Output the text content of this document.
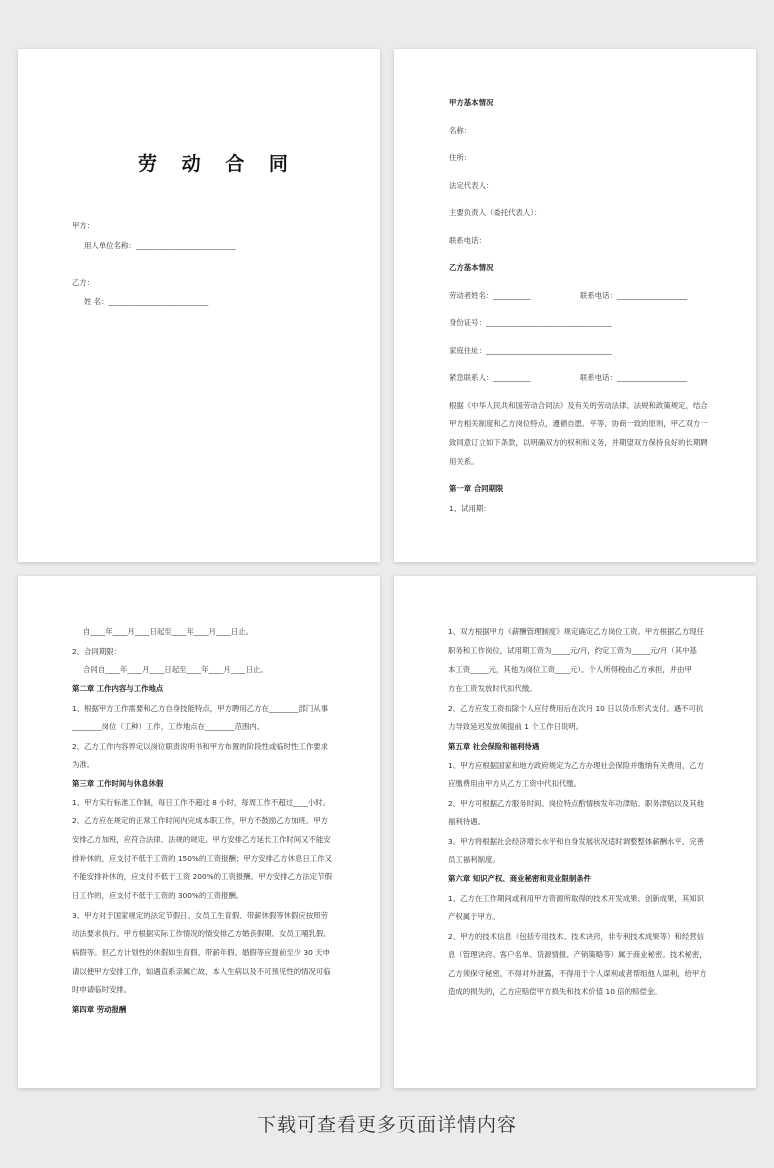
劳 动 合 同
甲方：
用人单位名称：___________________________
乙方：
姓 名：___________________________
甲方基本情况
名称：
住所：
法定代表人：
主要负责人（委托代表人）：
联系电话：
乙方基本情况
劳动者姓名：__________	联系电话：___________________
身份证号：__________________________________
家庭住址：__________________________________
紧急联系人：__________	联系电话：___________________
根据《中华人民共和国劳动合同法》及有关的劳动法律、法规和政策规定，结合
甲方相关制度和乙方岗位特点，遵循自愿、平等、协商一致的原则，甲乙双方一
致同意订立如下条款，以明确双方的权利和义务，并期望双方保持良好的长期聘
用关系。
第一章 合同期限
1、试用期：
自____年____月____日起至____年____月____日止。
2、合同期限：
合同自____年____月____日起至____年____月____日止。
第二章 工作内容与工作地点
1、根据甲方工作需要和乙方自身技能特点，甲方聘用乙方在________部门从事
________岗位（工种）工作，工作地点在________范围内。
2、乙方工作内容界定以岗位职责说明书和甲方布置的阶段性或临时性工作要求
为准。
第三章 工作时间与休息休假
1、甲方实行标准工作制，每日工作不超过 8 小时，每周工作不超过____小时。
2、乙方应在规定的正常工作时间内完成本职工作，甲方不鼓励乙方加班。甲方
安排乙方加班，应符合法律、法规的规定。甲方安排乙方延长工作时间又不能安
排补休的，应支付不低于工资的 150%的工资报酬；甲方安排乙方休息日工作又
不能安排补休的，应支付不低于工资 200%的工资报酬。甲方安排乙方法定节假
日工作的，应支付不低于工资的 300%的工资报酬。
3、甲方对于国家规定的法定节假日、女员工生育假、带薪休假等休假应按照劳
动法要求执行。甲方根据实际工作情况的情安排乙方婚丧假期、女员工哺乳假、
病假等。但乙方计划性的休假如生育假、带薪年假、婚假等应提前至少 30 天申
请以便甲方安排工作，如遇直系亲属亡故、本人生病以及不可预见性的情况可临
时申请临时安排。
第四章 劳动报酬
1、双方根据甲方《薪酬管理制度》规定确定乙方岗位工资。甲方根据乙方现任
职务和工作岗位，试用期工资为_____元/月，约定工资为_____元/月（其中基
本工资_____元，其他为岗位工资____元）。个人所得税由乙方承担，并由甲
方在工资发放时代扣代缴。
2、乙方应发工资扣除个人应付费用后在次月 10 日以货币形式支付。遇不可抗
力导致延迟发放须提前 1 个工作日说明。
第五章 社会保险和福利待遇
1、甲方应根据国家和地方政府规定为乙方办理社会保险并缴纳有关费用，乙方
应缴费用由甲方从乙方工资中代扣代缴。
2、甲方可根据乙方服务时间、岗位特点酌情核发年功津贴、职务津贴以及其他
福利待遇。
3、甲方将根据社会经济增长水平和自身发展状况适时调整整体薪酬水平、完善
员工福利制度。
第六章 知识产权、商业秘密和竞业限制条件
1、乙方在工作期间或利用甲方资源所取得的技术开发成果、创新成果，其知识
产权属于甲方。
2、甲方的技术信息（包括专用技术、技术诀窍，非专利技术成果等）和经营信
息（管理诀窍、客户名单、货源情报、产销策略等）属于商业秘密。技术秘密，
乙方须保守秘密，不得对外泄露，不得用于个人谋利或者帮组他人谋利，给甲方
造成的损失的，乙方应赔偿甲方损失和技术价值 10 倍的赔偿金。
下载可查看更多页面详情内容
